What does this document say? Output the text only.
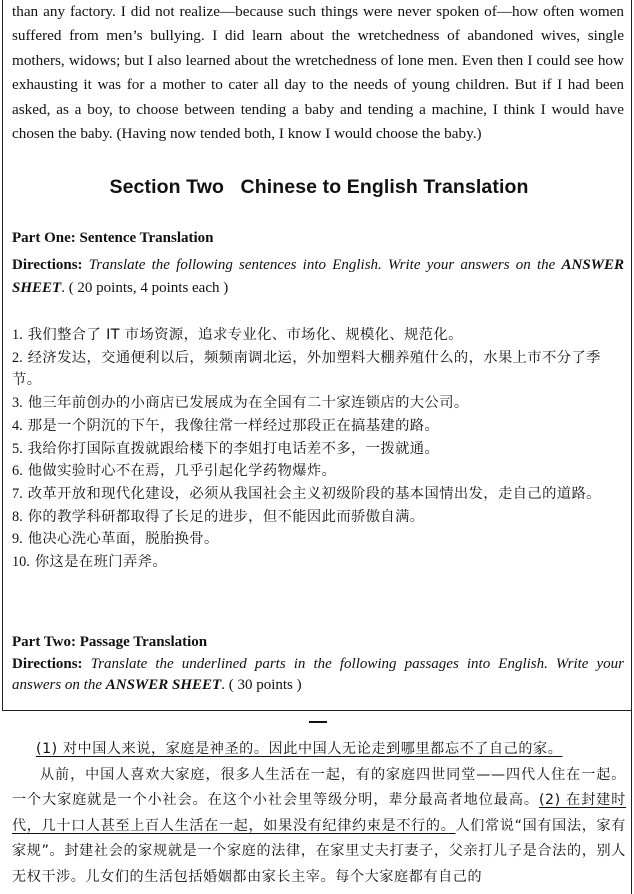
than any factory. I did not realize—because such things were never spoken of—how often women suffered from men’s bullying. I did learn about the wretchedness of abandoned wives, single mothers, widows; but I also learned about the wretchedness of lone men. Even then I could see how exhausting it was for a mother to cater all day to the needs of young children. But if I had been asked, as a boy, to choose between tending a baby and tending a machine, I think I would have chosen the baby. (Having now tended both, I know I would choose the baby.)

Section Two   Chinese to English Translation

Part One: Sentence Translation

Directions: Translate the following sentences into English. Write your answers on the ANSWER SHEET. ( 20 points, 4 points each )

1. 我们整合了 IT 市场资源，追求专业化、市场化、规模化、规范化。
2. 经济发达，交通便利以后，频频南调北运，外加塑料大棚养殖什么的，水果上市不分了季节。
3. 他三年前创办的小商店已发展成为在全国有二十家连锁店的大公司。
4. 那是一个阴沉的下午，我像往常一样经过那段正在搞基建的路。
5. 我给你打国际直拨就跟给楼下的李姐打电话差不多，一拨就通。
6. 他做实验时心不在焉，几乎引起化学药物爆炸。
7. 改革开放和现代化建设，必须从我国社会主义初级阶段的基本国情出发，走自己的道路。
8. 你的教学科研都取得了长足的进步，但不能因此而骄傲自满。
9. 他决心洗心革面，脱胎换骨。
10. 你这是在班门弄斧。

Part Two: Passage Translation

Directions: Translate the underlined parts in the following passages into English. Write your answers on the ANSWER SHEET. ( 30 points )

(1) 对中国人来说，家庭是神圣的。因此中国人无论走到哪里都忘不了自己的家。

从前，中国人喜欢大家庭，很多人生活在一起，有的家庭四世同堂——四代人住在一起。一个大家庭就是一个小社会。在这个小社会里等级分明，辈分最高者地位最高。(2) 在封建时代，几十口人甚至上百人生活在一起，如果没有纪律约束是不行的。人们常说“国有国法，家有家规”。封建社会的家规就是一个家庭的法律，在家里丈夫打妻子，父亲打儿子是合法的，别人无权干涉。儿女们的生活包括婚姻都由家长主宰。每个大家庭都有自己的
